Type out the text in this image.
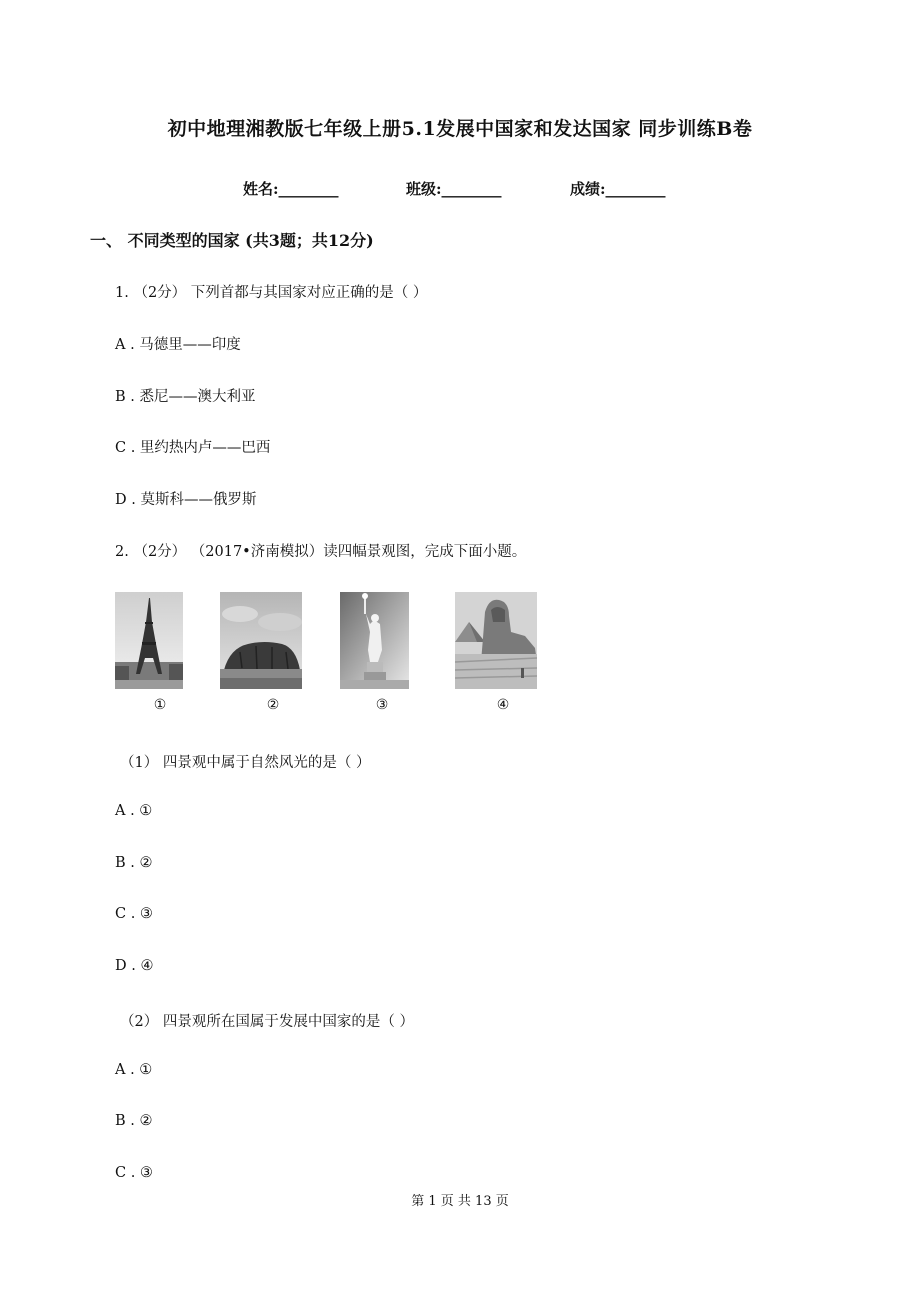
初中地理湘教版七年级上册5.1发展中国家和发达国家 同步训练B卷
姓名:________	班级:________	成绩:________
一、 不同类型的国家 (共3题；共12分)
1. （2分） 下列首都与其国家对应正确的是（ ）
A . 马德里——印度
B . 悉尼——澳大利亚
C . 里约热内卢——巴西
D . 莫斯科——俄罗斯
2. （2分） （2017•济南模拟）读四幅景观图，完成下面小题。
①	②	③	④
（1） 四景观中属于自然风光的是（ ）
A . ①
B . ②
C . ③
D . ④
（2） 四景观所在国属于发展中国家的是（ ）
A . ①
B . ②
C . ③
第 1 页 共 13 页
